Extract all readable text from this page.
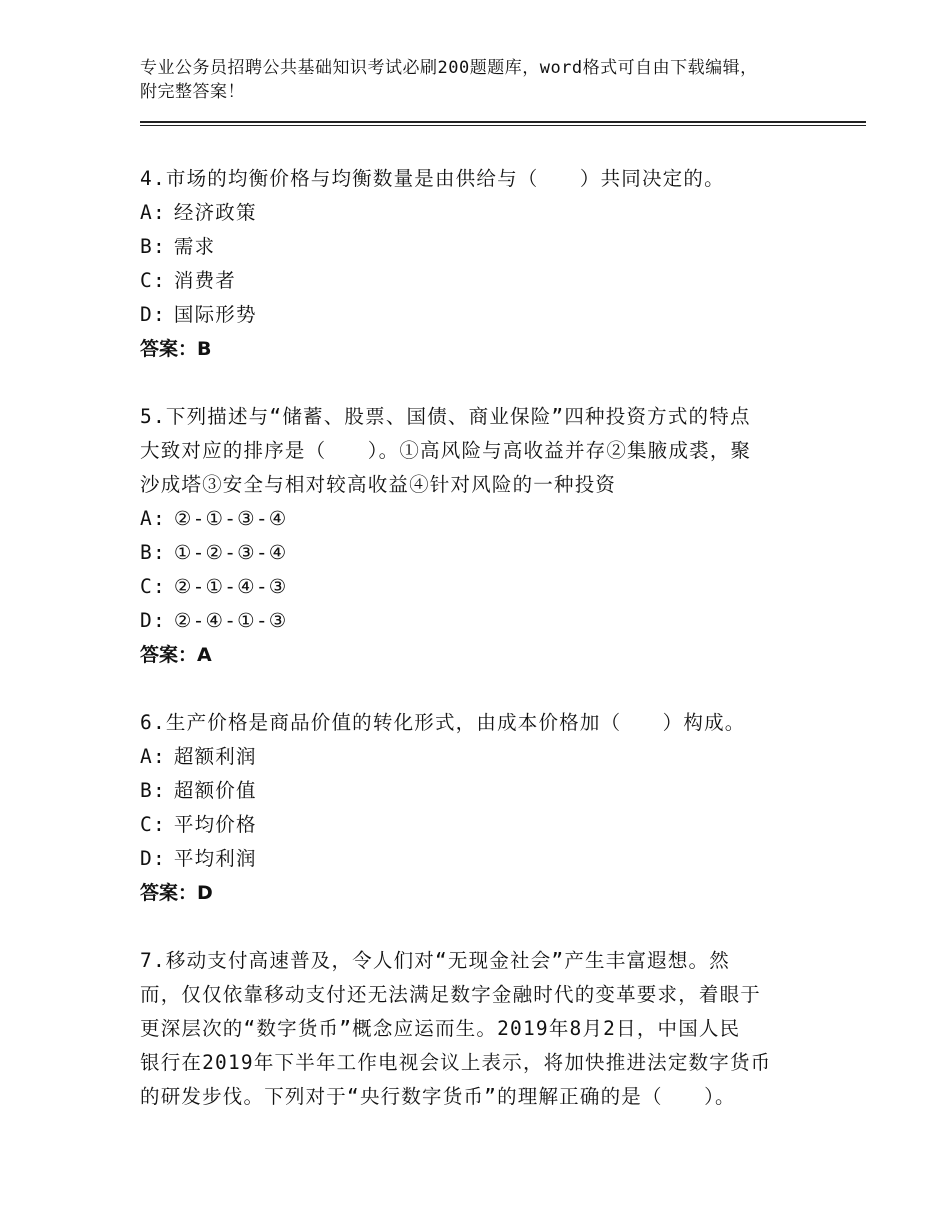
专业公务员招聘公共基础知识考试必刷200题题库，word格式可自由下载编辑，
附完整答案！

4.市场的均衡价格与均衡数量是由供给与（　　）共同决定的。

A: 经济政策

B: 需求

C: 消费者

D: 国际形势

答案：B

5.下列描述与“储蓄、股票、国债、商业保险”四种投资方式的特点

大致对应的排序是（　　）。①高风险与高收益并存②集腋成裘，聚

沙成塔③安全与相对较高收益④针对风险的一种投资

A: ②-①-③-④

B: ①-②-③-④

C: ②-①-④-③

D: ②-④-①-③

答案：A

6.生产价格是商品价值的转化形式，由成本价格加（　　）构成。

A: 超额利润

B: 超额价值

C: 平均价格

D: 平均利润

答案：D

7.移动支付高速普及，令人们对“无现金社会”产生丰富遐想。然

而，仅仅依靠移动支付还无法满足数字金融时代的变革要求，着眼于

更深层次的“数字货币”概念应运而生。2019年8月2日，中国人民

银行在2019年下半年工作电视会议上表示，将加快推进法定数字货币

的研发步伐。下列对于“央行数字货币”的理解正确的是（　　）。
